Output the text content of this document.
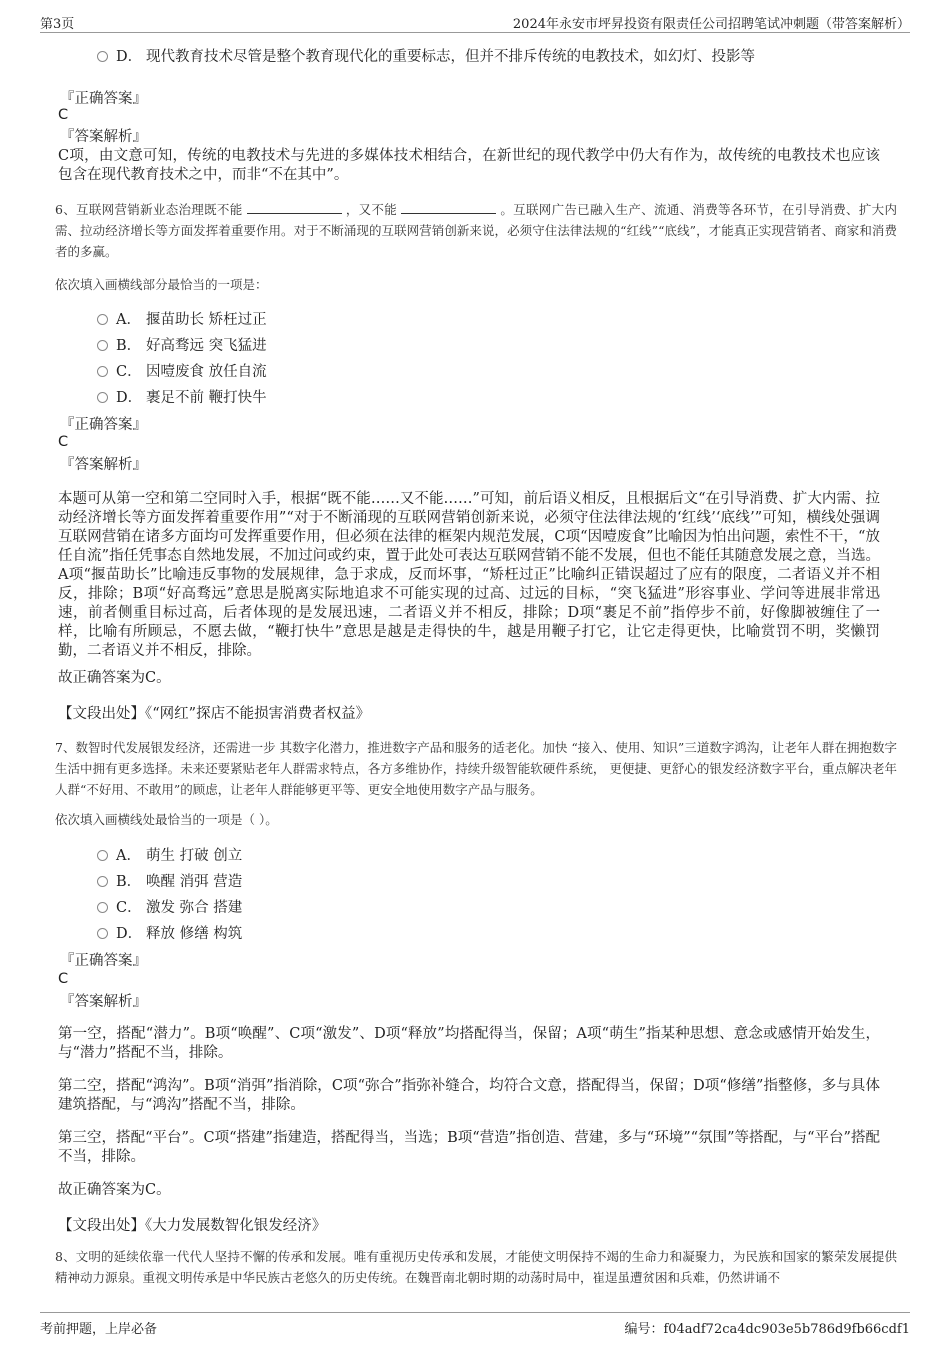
第3页	2024年永安市坪昇投资有限责任公司招聘笔试冲刺题（带答案解析）
D． 现代教育技术尽管是整个教育现代化的重要标志，但并不排斥传统的电教技术，如幻灯、投影等
『正确答案』
C
『答案解析』
C项，由文意可知，传统的电教技术与先进的多媒体技术相结合，在新世纪的现代教学中仍大有作为，故传统的电教技术也应该包含在现代教育技术之中，而非“不在其中”。
6、互联网营销新业态治理既不能	，又不能	。互联网广告已融入生产、流通、消费等各环节，在引导消费、扩大内需、拉动经济增长等方面发挥着重要作用。对于不断涌现的互联网营销创新来说，必须守住法律法规的“红线”“底线”，才能真正实现营销者、商家和消费者的多赢。
依次填入画横线部分最恰当的一项是：
A． 揠苗助长 矫枉过正
B． 好高骛远 突飞猛进
C． 因噎废食 放任自流
D． 裹足不前 鞭打快牛
『正确答案』
C
『答案解析』
本题可从第一空和第二空同时入手，根据“既不能……又不能……”可知，前后语义相反，且根据后文“在引导消费、扩大内需、拉动经济增长等方面发挥着重要作用”“对于不断涌现的互联网营销创新来说，必须守住法律法规的‘红线’‘底线’”可知，横线处强调互联网营销在诸多方面均可发挥重要作用，但必须在法律的框架内规范发展，C项“因噎废食”比喻因为怕出问题，索性不干，“放任自流”指任凭事态自然地发展，不加过问或约束，置于此处可表达互联网营销不能不发展，但也不能任其随意发展之意，当选。A项“揠苗助长”比喻违反事物的发展规律，急于求成，反而坏事，“矫枉过正”比喻纠正错误超过了应有的限度，二者语义并不相反，排除；B项“好高骛远”意思是脱离实际地追求不可能实现的过高、过远的目标，“突飞猛进”形容事业、学问等进展非常迅速，前者侧重目标过高，后者体现的是发展迅速，二者语义并不相反，排除；D项“裹足不前”指停步不前，好像脚被缠住了一样，比喻有所顾忌，不愿去做，“鞭打快牛”意思是越是走得快的牛，越是用鞭子打它，让它走得更快，比喻赏罚不明，奖懒罚勤，二者语义并不相反，排除。
故正确答案为C。
【文段出处】《“网红”探店不能损害消费者权益》
7、数智时代发展银发经济，还需进一步 其数字化潜力，推进数字产品和服务的适老化。加快 “接入、使用、知识”三道数字鸿沟，让老年人群在拥抱数字生活中拥有更多选择。未来还要紧贴老年人群需求特点，各方多维协作，持续升级智能软硬件系统， 更便捷、更舒心的银发经济数字平台，重点解决老年人群“不好用、不敢用”的顾虑，让老年人群能够更平等、更安全地使用数字产品与服务。
依次填入画横线处最恰当的一项是（ ）。
A． 萌生 打破 创立
B． 唤醒 消弭 营造
C． 激发 弥合 搭建
D． 释放 修缮 构筑
『正确答案』
C
『答案解析』
第一空，搭配“潜力”。B项“唤醒”、C项“激发”、D项“释放”均搭配得当，保留；A项“萌生”指某种思想、意念或感情开始发生，与“潜力”搭配不当，排除。
第二空，搭配“鸿沟”。B项“消弭”指消除，C项“弥合”指弥补缝合，均符合文意，搭配得当，保留；D项“修缮”指整修，多与具体建筑搭配，与“鸿沟”搭配不当，排除。
第三空，搭配“平台”。C项“搭建”指建造，搭配得当，当选；B项“营造”指创造、营建，多与“环境”“氛围”等搭配，与“平台”搭配不当，排除。
故正确答案为C。
【文段出处】《大力发展数智化银发经济》
8、文明的延续依靠一代代人坚持不懈的传承和发展。唯有重视历史传承和发展，才能使文明保持不竭的生命力和凝聚力，为民族和国家的繁荣发展提供精神动力源泉。重视文明传承是中华民族古老悠久的历史传统。在魏晋南北朝时期的动荡时局中，崔逞虽遭贫困和兵难，仍然讲诵不
考前押题，上岸必备	编号：f04adf72ca4dc903e5b786d9fb66cdf1
